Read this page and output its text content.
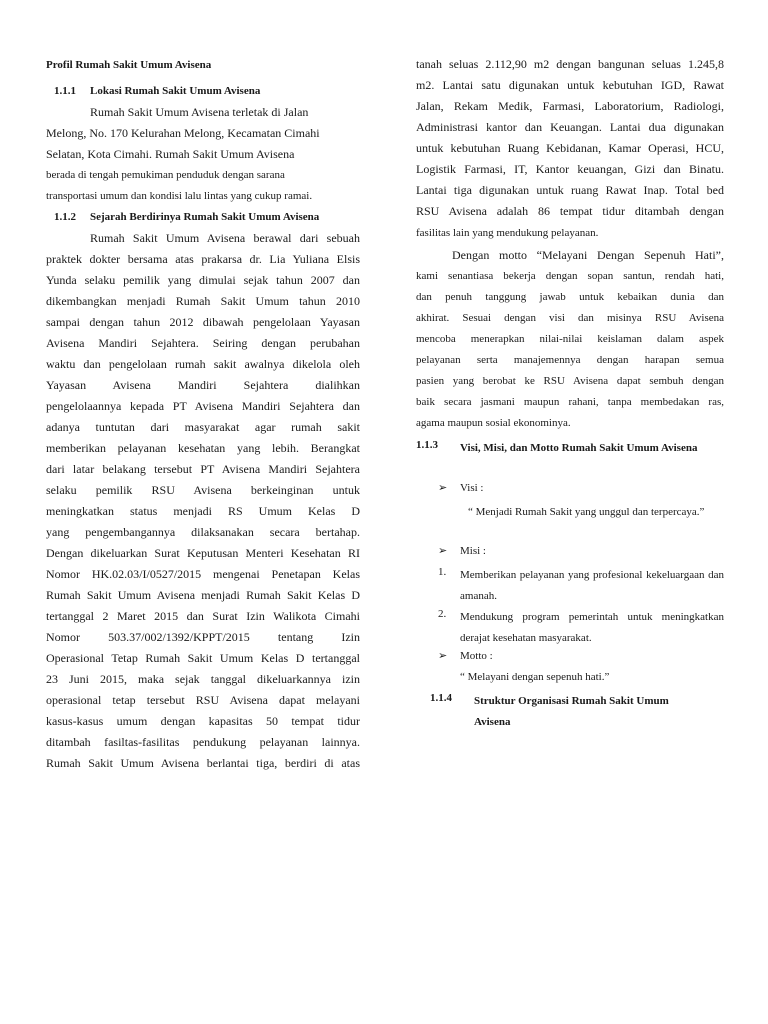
Profil Rumah Sakit Umum Avisena
1.1.1 Lokasi Rumah Sakit Umum Avisena
Rumah Sakit Umum Avisena terletak di Jalan
Melong, No. 170 Kelurahan Melong, Kecamatan Cimahi
Selatan, Kota Cimahi. Rumah Sakit Umum Avisena
berada di tengah pemukiman penduduk dengan sarana
transportasi umum dan kondisi lalu lintas yang cukup ramai.
1.1.2 Sejarah Berdirinya Rumah Sakit Umum Avisena
Rumah Sakit Umum Avisena berawal dari sebuah
praktek dokter bersama atas prakarsa dr. Lia Yuliana Elsis
Yunda selaku pemilik yang dimulai sejak tahun 2007 dan
dikembangkan menjadi Rumah Sakit Umum tahun 2010
sampai dengan tahun 2012 dibawah pengelolaan Yayasan
Avisena Mandiri Sejahtera. Seiring dengan perubahan
waktu dan pengelolaan rumah sakit awalnya dikelola oleh
Yayasan Avisena Mandiri Sejahtera dialihkan
pengelolaannya kepada PT Avisena Mandiri Sejahtera dan
adanya tuntutan dari masyarakat agar rumah sakit
memberikan pelayanan kesehatan yang lebih. Berangkat
dari latar belakang tersebut PT Avisena Mandiri Sejahtera
selaku pemilik RSU Avisena berkeinginan untuk
meningkatkan status menjadi RS Umum Kelas D
yang pengembangannya dilaksanakan secara bertahap.
Dengan dikeluarkan Surat Keputusan Menteri Kesehatan RI
Nomor HK.02.03/I/0527/2015 mengenai Penetapan Kelas
Rumah Sakit Umum Avisena menjadi Rumah Sakit Kelas D
tertanggal 2 Maret 2015 dan Surat Izin Walikota Cimahi
Nomor 503.37/002/1392/KPPT/2015 tentang Izin
Operasional Tetap Rumah Sakit Umum Kelas D tertanggal
23 Juni 2015, maka sejak tanggal dikeluarkannya izin
operasional tetap tersebut RSU Avisena dapat melayani
kasus-kasus umum dengan kapasitas 50 tempat tidur
ditambah fasiltas-fasilitas pendukung pelayanan lainnya.
Rumah Sakit Umum Avisena berlantai tiga, berdiri di atas
tanah seluas 2.112,90 m2 dengan bangunan seluas 1.245,8
m2. Lantai satu digunakan untuk kebutuhan IGD, Rawat
Jalan, Rekam Medik, Farmasi, Laboratorium, Radiologi,
Administrasi kantor dan Keuangan. Lantai dua digunakan
untuk kebutuhan Ruang Kebidanan, Kamar Operasi, HCU,
Logistik Farmasi, IT, Kantor keuangan, Gizi dan Binatu.
Lantai tiga digunakan untuk ruang Rawat Inap. Total bed
RSU Avisena adalah 86 tempat tidur ditambah dengan
fasilitas lain yang mendukung pelayanan.
Dengan motto “Melayani Dengan Sepenuh Hati”,
kami senantiasa bekerja dengan sopan santun, rendah hati,
dan penuh tanggung jawab untuk kebaikan dunia dan
akhirat. Sesuai dengan visi dan misinya RSU Avisena
mencoba menerapkan nilai-nilai keislaman dalam aspek
pelayanan serta manajemennya dengan harapan semua
pasien yang berobat ke RSU Avisena dapat sembuh dengan
baik secara jasmani maupun rahani, tanpa membedakan ras,
agama maupun sosial ekonominya.
1.1.3 Visi, Misi, dan Motto Rumah Sakit Umum Avisena
➢ Visi :
“ Menjadi Rumah Sakit yang unggul dan terpercaya.”
➢ Misi :
1.	Memberikan pelayanan yang profesional kekeluargaan dan amanah.
2.	Mendukung program pemerintah untuk meningkatkan derajat kesehatan masyarakat.
➢ Motto :
“ Melayani dengan sepenuh hati.”
1.1.4 Struktur Organisasi Rumah Sakit Umum Avisena
